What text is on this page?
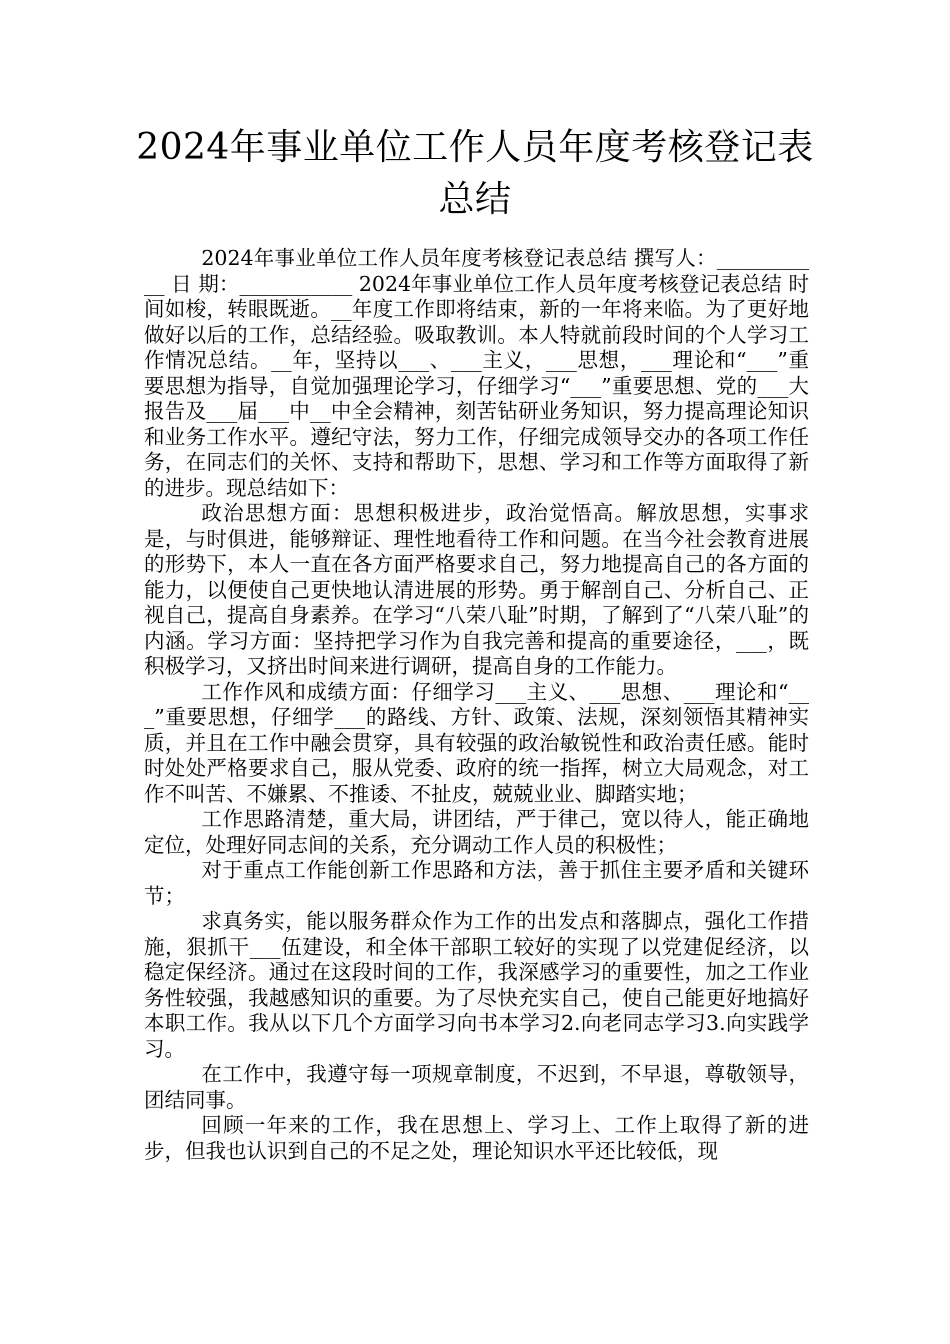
2024年事业单位工作人员年度考核登记表
总结

2024年事业单位工作人员年度考核登记表总结 撰写人：___________ 日 期：___________ 2024年事业单位工作人员年度考核登记表总结 时间如梭，转眼既逝。__年度工作即将结束，新的一年将来临。为了更好地做好以后的工作，总结经验。吸取教训。本人特就前段时间的个人学习工作情况总结。__年，坚持以___、___主义，___思想，___理论和“___”重要思想为指导，自觉加强理论学习，仔细学习“___”重要思想、党的___大报告及___届___中__中全会精神，刻苦钻研业务知识，努力提高理论知识和业务工作水平。遵纪守法，努力工作，仔细完成领导交办的各项工作任务，在同志们的关怀、支持和帮助下，思想、学习和工作等方面取得了新的进步。现总结如下：

政治思想方面：思想积极进步，政治觉悟高。解放思想，实事求是，与时俱进，能够辩证、理性地看待工作和问题。在当今社会教育进展的形势下，本人一直在各方面严格要求自己，努力地提高自己的各方面的能力，以便使自己更快地认清进展的形势。勇于解剖自己、分析自己、正视自己，提高自身素养。在学习“八荣八耻”时期，了解到了“八荣八耻”的内涵。学习方面：坚持把学习作为自我完善和提高的重要途径，___，既积极学习，又挤出时间来进行调研，提高自身的工作能力。

工作作风和成绩方面：仔细学习___主义、___思想、___理论和“___”重要思想，仔细学___的路线、方针、政策、法规，深刻领悟其精神实质，并且在工作中融会贯穿，具有较强的政治敏锐性和政治责任感。能时时处处严格要求自己，服从党委、政府的统一指挥，树立大局观念，对工作不叫苦、不嫌累、不推诿、不扯皮，兢兢业业、脚踏实地；

工作思路清楚，重大局，讲团结，严于律己，宽以待人，能正确地定位，处理好同志间的关系，充分调动工作人员的积极性；

对于重点工作能创新工作思路和方法，善于抓住主要矛盾和关键环节；

求真务实，能以服务群众作为工作的出发点和落脚点，强化工作措施，狠抓干___伍建设，和全体干部职工较好的实现了以党建促经济，以稳定保经济。通过在这段时间的工作，我深感学习的重要性，加之工作业务性较强，我越感知识的重要。为了尽快充实自己，使自己能更好地搞好本职工作。我从以下几个方面学习向书本学习2.向老同志学习3.向实践学习。

在工作中，我遵守每一项规章制度，不迟到，不早退，尊敬领导，团结同事。

回顾一年来的工作，我在思想上、学习上、工作上取得了新的进步，但我也认识到自己的不足之处，理论知识水平还比较低，现
